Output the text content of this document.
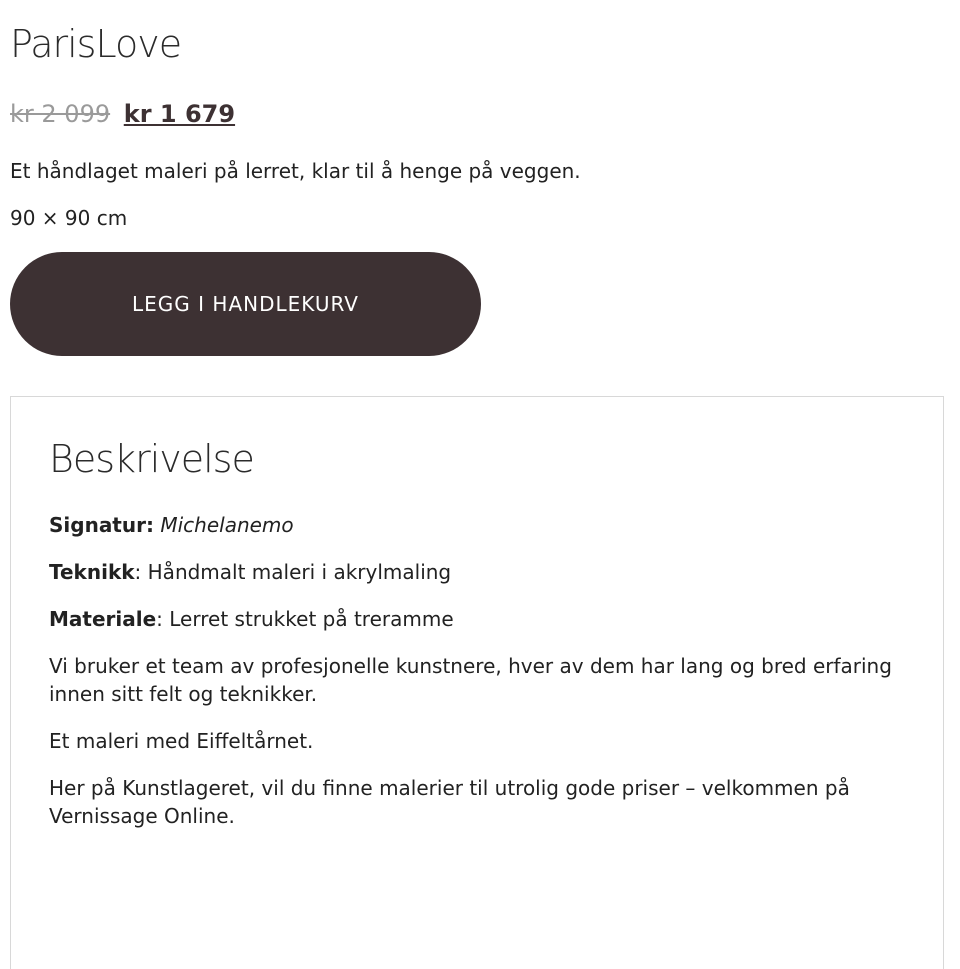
ParisLove
kr 2 099 kr 1 679

Et håndlaget maleri på lerret, klar til å henge på veggen.

90 × 90 cm

LEGG I HANDLEKURV
Beskrivelse

Signatur: Michelanemo

Teknikk: Håndmalt maleri i akrylmaling

Materiale: Lerret strukket på treramme

Vi bruker et team av profesjonelle kunstnere, hver av dem har lang og bred erfaring innen sitt felt og teknikker.

Et maleri med Eiffeltårnet.

Her på Kunstlageret, vil du finne malerier til utrolig gode priser – velkommen på Vernissage Online.
